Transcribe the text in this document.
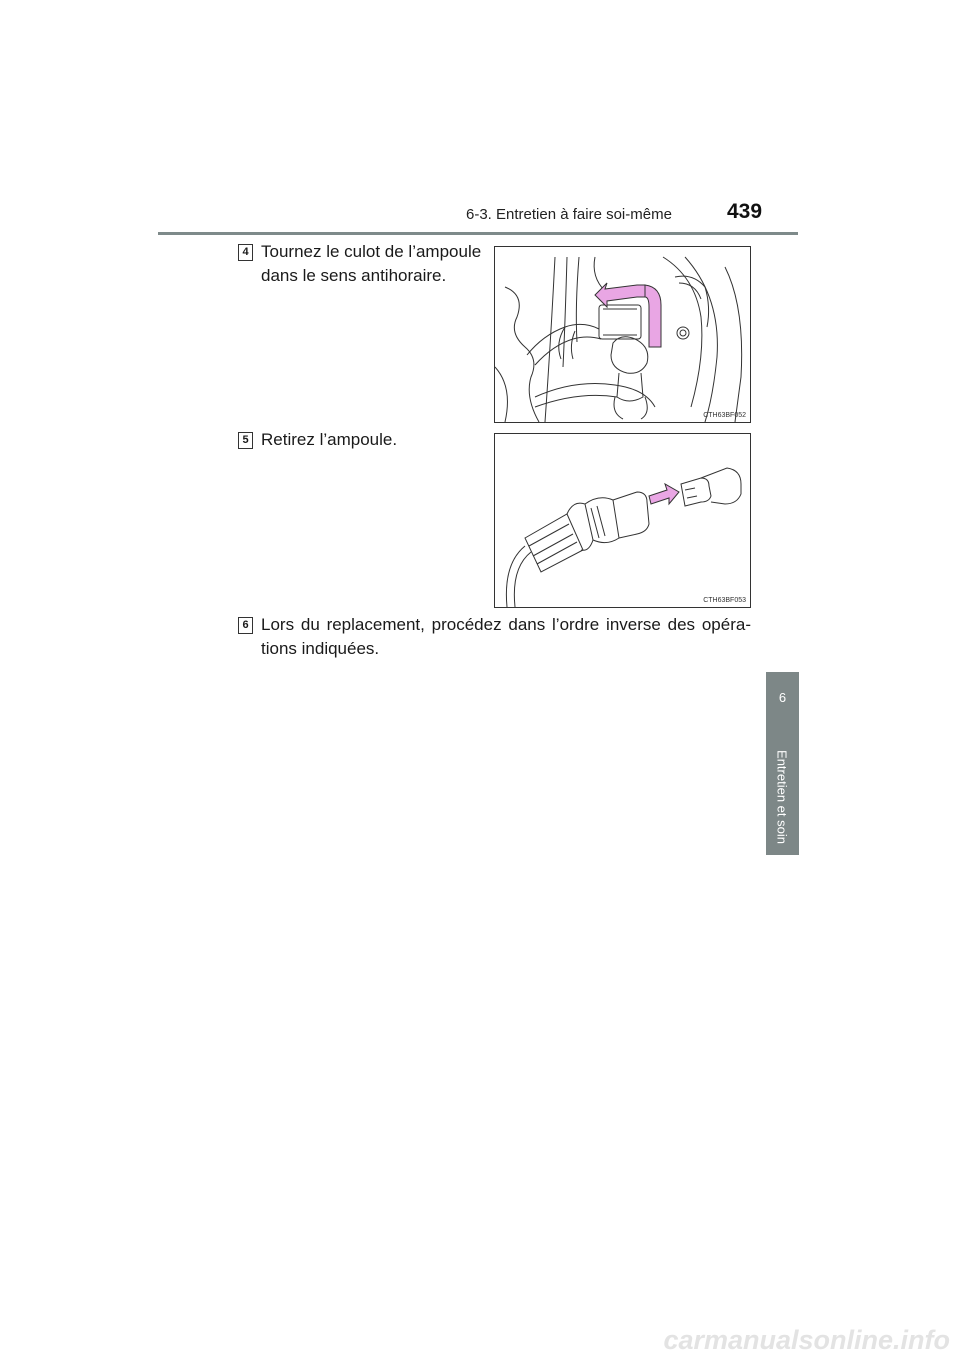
6-3. Entretien à faire soi-même	439
6
Entretien et soin
4 Tournez le culot de l’ampoule
dans le sens antihoraire.
CTH63BF052
5 Retirez l’ampoule.
CTH63BF053
6 Lors du replacement, procédez dans l’ordre inverse des opéra-
tions indiquées.
carmanualsonline.info
